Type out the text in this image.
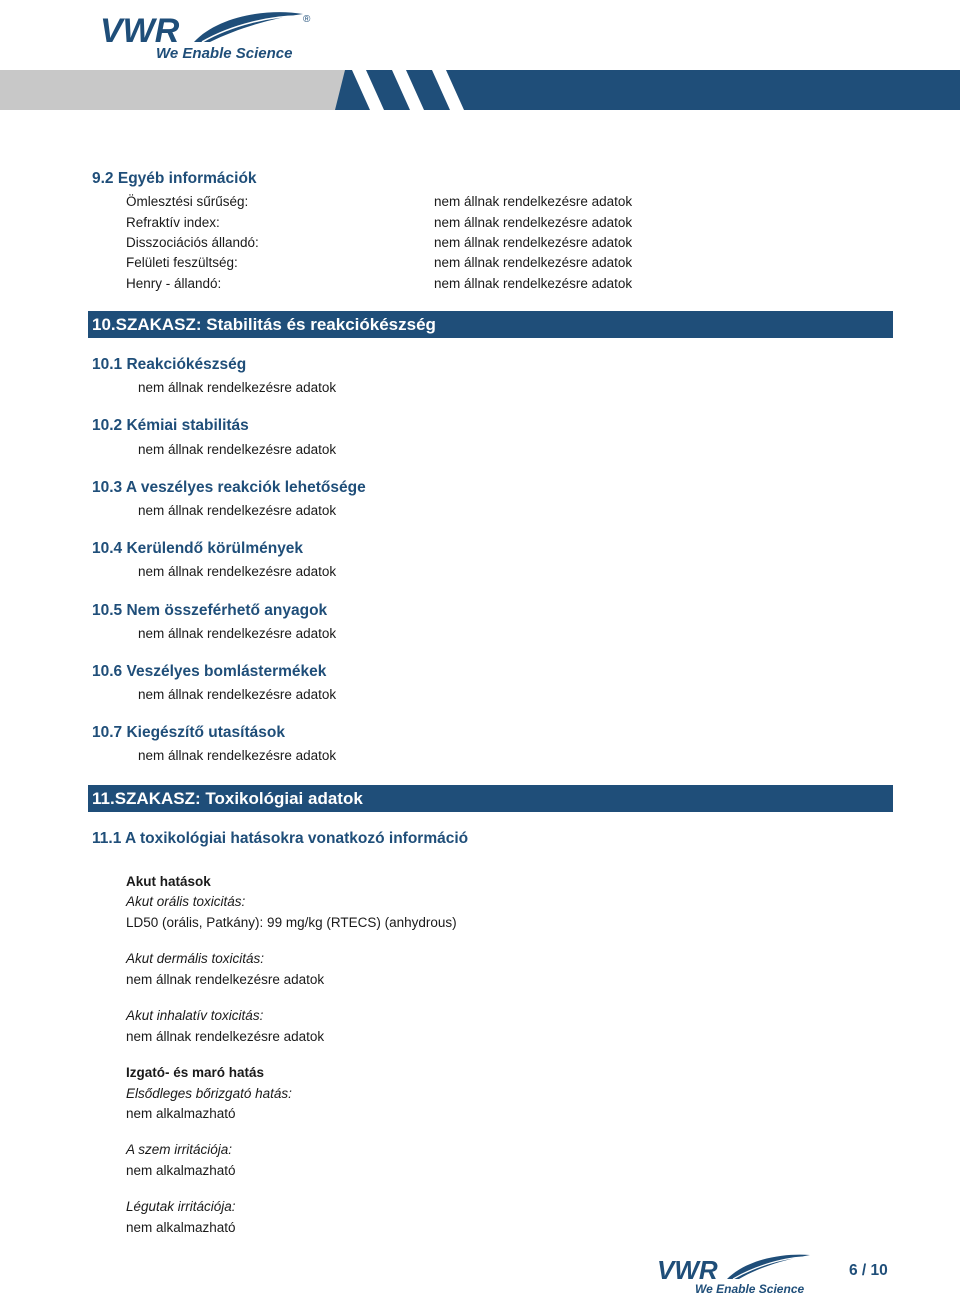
VWR	®
We Enable Science
9.2 Egyéb információk
Ömlesztési sűrűség:	nem állnak rendelkezésre adatok
Refraktív index:	nem állnak rendelkezésre adatok
Disszociációs állandó:	nem állnak rendelkezésre adatok
Felületi feszültség:	nem állnak rendelkezésre adatok
Henry - állandó:	nem állnak rendelkezésre adatok
10.SZAKASZ: Stabilitás és reakciókészség
10.1 Reakciókészség
nem állnak rendelkezésre adatok
10.2 Kémiai stabilitás
nem állnak rendelkezésre adatok
10.3 A veszélyes reakciók lehetősége
nem állnak rendelkezésre adatok
10.4 Kerülendő körülmények
nem állnak rendelkezésre adatok
10.5 Nem összeférhető anyagok
nem állnak rendelkezésre adatok
10.6 Veszélyes bomlástermékek
nem állnak rendelkezésre adatok
10.7 Kiegészítő utasítások
nem állnak rendelkezésre adatok
11.SZAKASZ: Toxikológiai adatok
11.1 A toxikológiai hatásokra vonatkozó információ
Akut hatások
Akut orális toxicitás:
LD50 (orális, Patkány): 99 mg/kg (RTECS) (anhydrous)
Akut dermális toxicitás:
nem állnak rendelkezésre adatok
Akut inhalatív toxicitás:
nem állnak rendelkezésre adatok
Izgató- és maró hatás
Elsődleges bőrizgató hatás:
nem alkalmazható
A szem irritációja:
nem alkalmazható
Légutak irritációja:
nem alkalmazható
VWR
We Enable Science
6 / 10
